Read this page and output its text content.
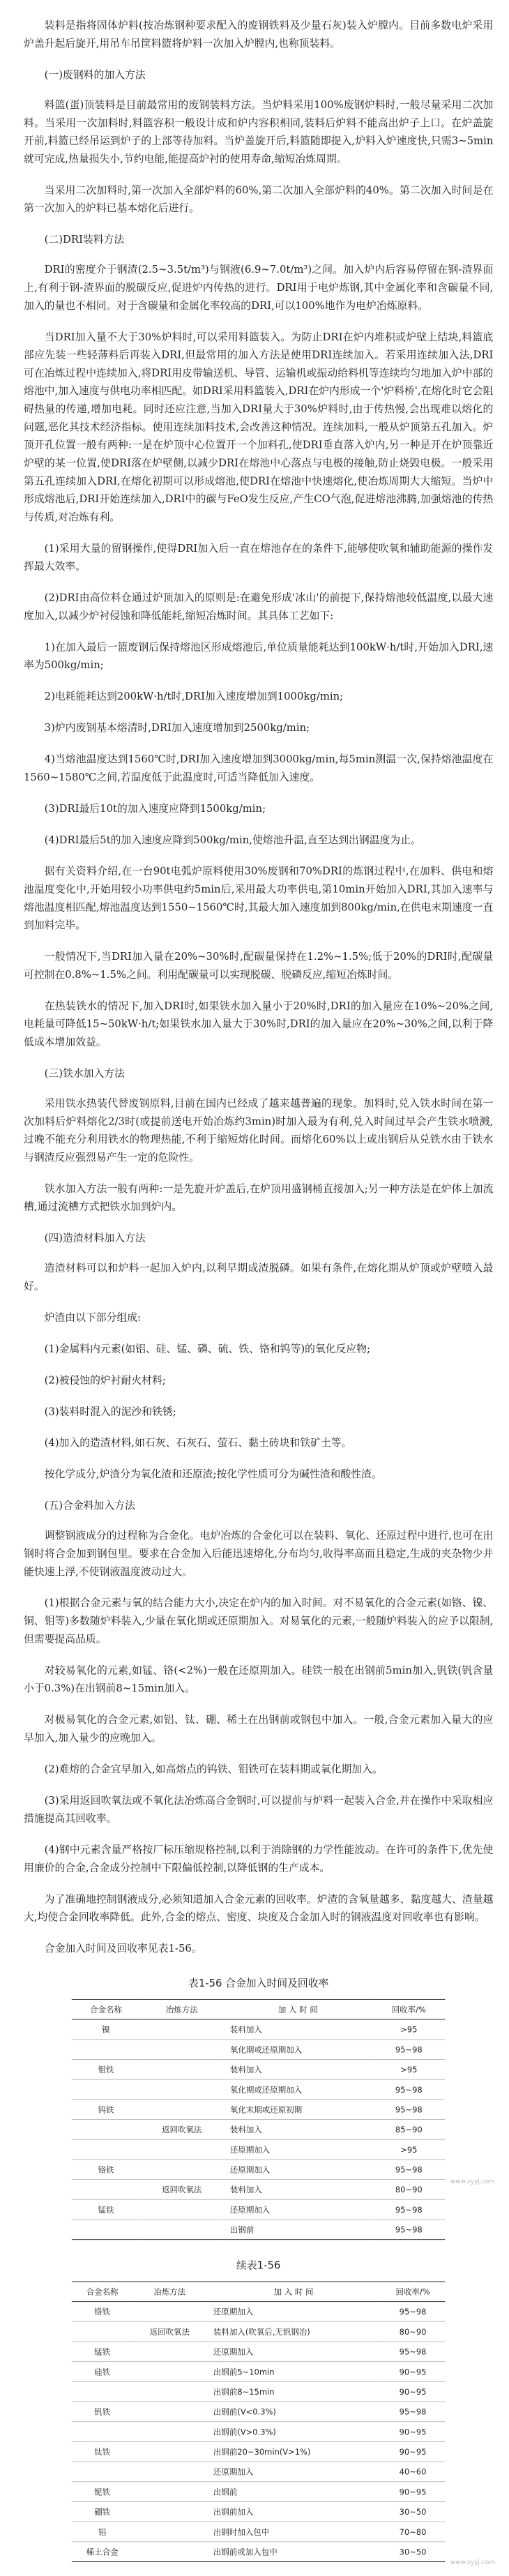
装料是指将固体炉料(按冶炼钢种要求配入的废钢铁料及少量石灰)装入炉膛内。目前多数电炉采用炉盖升起后旋开,用吊车吊筐料篮将炉料一次加入炉膛内,也称顶装料。

(一)废钢料的加入方法

料篮(蛋)顶装料是目前最常用的废钢装料方法。当炉料采用100%废钢炉料时,一般尽量采用二次加料。当采用一次加料时,料篮容积一般设计成和炉内容积相同,装料后炉料不能高出炉子上口。在炉盖旋开前,料篮已经吊运到炉子的上部等待加料。当炉盖旋开后,料篮随即提入,炉料入炉速度快,只需3~5min就可完成,热量损失小,节约电能,能提高炉衬的使用寿命,缩短冶炼周期。

当采用二次加料时,第一次加入全部炉料的60%,第二次加入全部炉料的40%。第二次加入时间是在第一次加入的炉料已基本熔化后进行。

(二)DRI装料方法

DRI的密度介于钢渣(2.5~3.5t/m³)与钢液(6.9~7.0t/m³)之间。加入炉内后容易停留在钢-渣界面上,有利于钢-渣界面的脱碳反应,促进炉内传热的进行。DRI用于电炉炼钢,其中金属化率和含碳量不同,加入的量也不相同。对于含碳量和金属化率较高的DRI,可以100%地作为电炉冶炼原料。

当DRI加入量不大于30%炉料时,可以采用料篮装入。为防止DRI在炉内堆积或炉壁上结块,料篮底部应先装一些轻薄料后再装入DRI,但最常用的加入方法是使用DRI连续加入。若采用连续加入法,DRI可在冶炼过程中连续加入,将DRI用皮带输送机、导管、运输机或振动给料机等连续均匀地加入炉中部的熔池中,加入速度与供电功率相匹配。如DRI采用料篮装入,DRI在炉内形成一个'炉料桥',在熔化时它会阻碍热量的传递,增加电耗。同时还应注意,当加入DRI量大于30%炉料时,由于传热慢,会出现难以熔化的问题,恶化其技术经济指标。使用连续加料技术,会改善这种情况。连续加料,一般从炉顶第五孔加入。炉顶开孔位置一般有两种:一是在炉顶中心位置开一个加料孔,使DRI垂直落入炉内,另一种是开在炉顶靠近炉壁的某一位置,使DRI落在炉壁侧,以减少DRI在熔池中心落点与电极的接触,防止烧毁电极。一般采用第五孔连续加入DRI,在熔化初期可以形成熔池,使DRI在熔池中快速熔化,使冶炼周期大大缩短。当炉中形成熔池后,DRI开始连续加入,DRI中的碳与FeO发生反应,产生CO气泡,促进熔池沸腾,加强熔池的传热与传质,对冶炼有利。

(1)采用大量的留钢操作,使得DRI加入后一直在熔池存在的条件下,能够使吹氧和辅助能源的操作发挥最大效率。

(2)DRI由高位料仓通过炉顶加入的原则是:在避免形成'冰山'的前提下,保持熔池较低温度,以最大速度加入,以减少炉衬侵蚀和降低能耗,缩短冶炼时间。其具体工艺如下:

1)在加入最后一篮废钢后保持熔池区形成熔池后,单位质量能耗达到100kW·h/t时,开始加入DRI,速率为500kg/min;

2)电耗能耗达到200kW·h/t时,DRI加入速度增加到1000kg/min;

3)炉内废钢基本熔清时,DRI加入速度增加到2500kg/min;

4)当熔池温度达到1560℃时,DRI加入速度增加到3000kg/min,每5min测温一次,保持熔池温度在1560~1580℃之间,若温度低于此温度时,可适当降低加入速度。

(3)DRI最后10t的加入速度应降到1500kg/min;

(4)DRI最后5t的加入速度应降到500kg/min,使熔池升温,直至达到出钢温度为止。

据有关资料介绍,在一台90t电弧炉原料使用30%废钢和70%DRI的炼钢过程中,在加料、供电和熔池温度变化中,开始用较小功率供电约5min后,采用最大功率供电,第10min开始加入DRI,其加入速率与熔池温度相匹配,熔池温度达到1550~1560℃时,其最大加入速度加到800kg/min,在供电末期速度一直到加料完毕。

一般情况下,当DRI加入量在20%~30%时,配碳量保持在1.2%~1.5%;低于20%的DRI时,配碳量可控制在0.8%~1.5%之间。利用配碳量可以实现脱碳、脱磷反应,缩短冶炼时间。

在热装铁水的情况下,加入DRI时,如果铁水加入量小于20%时,DRI的加入量应在10%~20%之间,电耗量可降低15~50kW·h/t;如果铁水加入量大于30%时,DRI的加入量应在20%~30%之间,以利于降低成本增加效益。

(三)铁水加入方法

采用铁水热装代替废钢原料,目前在国内已经成了越来越普遍的现象。加料时,兑入铁水时间在第一次加料后炉料熔化2/3时(或提前送电开始冶炼约3min)时加入最为有利,兑入时间过早会产生铁水喷溅,过晚不能充分利用铁水的物理热能,不利于缩短熔化时间。而熔化60%以上或出钢后从兑铁水由于铁水与钢渣反应强烈易产生一定的危险性。

铁水加入方法一般有两种:一是先旋开炉盖后,在炉顶用盛钢桶直接加入;另一种方法是在炉体上加流槽,通过流槽方式把铁水加到炉内。

(四)造渣材料加入方法

造渣材料可以和炉料一起加入炉内,以利早期成渣脱磷。如果有条件,在熔化期从炉顶或炉壁喷入最好。

炉渣由以下部分组成:

(1)金属料内元素(如铝、硅、锰、磷、硫、铁、铬和钨等)的氧化反应物;

(2)被侵蚀的炉衬耐火材料;

(3)装料时混入的泥沙和铁锈;

(4)加入的造渣材料,如石灰、石灰石、萤石、黏土砖块和铁矿土等。

按化学成分,炉渣分为氧化渣和还原渣;按化学性质可分为碱性渣和酸性渣。

(五)合金料加入方法

调整钢液成分的过程称为合金化。电炉冶炼的合金化可以在装料、氧化、还原过程中进行,也可在出钢时将合金加到钢包里。要求在合金加入后能迅速熔化,分布均匀,收得率高而且稳定,生成的夹杂物少并能快速上浮,不使钢液温度波动过大。

(1)根据合金元素与氧的结合能力大小,决定在炉内的加入时间。对不易氧化的合金元素(如铬、镍、铜、钼等)多数随炉料装入,少量在氧化期或还原期加入。对易氧化的元素,一般随炉料装入的应予以限制,但需要提高品质。

对较易氧化的元素,如锰、铬(<2%)一般在还原期加入。硅铁一般在出钢前5min加入,钒铁(钒含量小于0.3%)在出钢前8~15min加入。

对极易氧化的合金元素,如铝、钛、硼、稀土在出钢前或钢包中加入。一般,合金元素加入量大的应早加入,加入量少的应晚加入。

(2)难熔的合金宜早加入,如高熔点的钨铁、钼铁可在装料期或氧化期加入。

(3)采用返回吹氧法或不氧化法冶炼高合金钢时,可以提前与炉料一起装入合金,并在操作中采取相应措施提高其回收率。

(4)钢中元素含量严格按厂标压缩规格控制,以利于消除钢的力学性能波动。在许可的条件下,优先使用廉价的合金,合金成分控制中下限偏低控制,以降低钢的生产成本。

为了准确地控制钢液成分,必须知道加入合金元素的回收率。炉渣的含氧量越多、黏度越大、渣量越大,均使合金回收率降低。此外,合金的熔点、密度、块度及合金加入时的钢液温度对回收率也有影响。

合金加入时间及回收率见表1-56。

表1-56 合金加入时间及回收率
合金名称	冶炼方法	加 入 时 间	回收率/%
镍		装料加入	>95
		氧化期或还原期加入	95~98
钼铁		装料加入	>95
		氧化期或还原期加入	95~98
钨铁		氧化末期或还原初期	95~98
	返回吹氧法	装料加入	85~90
		还原期加入	>95
铬铁		还原期加入	95~98
	返回吹氧法	装料加入	80~90
锰铁		还原期加入	95~98
		出钢前	95~98
续表1-56
合金名称	冶炼方法	加 入 时 间	回收率/%
铬铁		还原期加入	95~98
	返回吹氧法	装料加入(吹氧后,无钒钢冶)	80~90
锰铁		还原期加入	95~98
硅铁		出钢前5~10min	90~95
		出钢前8~15min	90~95
钒铁		出钢前(V<0.3%)	95~98
		出钢前(V>0.3%)	90~95
钛铁		出钢前20~30min(V>1%)	90~95
		还原期加入	40~60
铌铁		出钢前	90~95
硼铁		出钢前加入	30~50
铝		出钢时加入包中	70~80
稀土合金		出钢前或加入包中	30~50
www.zyyj.com
www.zyyj.com
